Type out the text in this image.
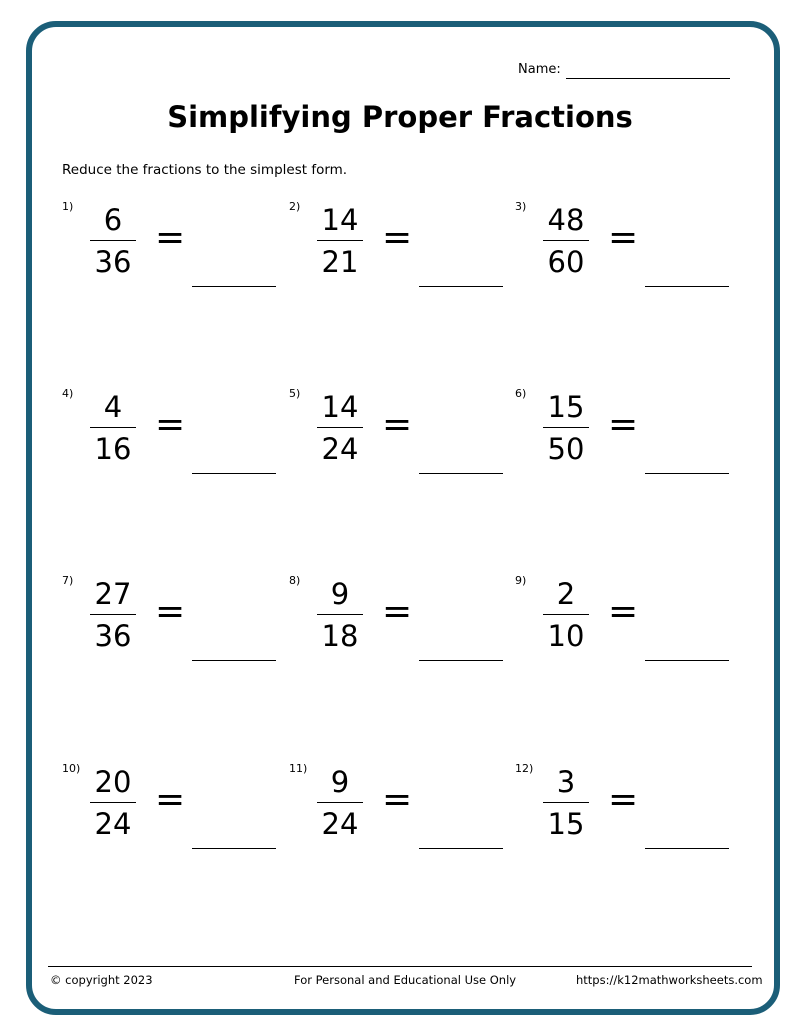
Name:
Simplifying Proper Fractions
Reduce the fractions to the simplest form.
1)	6
36
=
2) 14
21
=
3) 48
60
=
4)	4
16
=
5) 14
24
=
6) 15
50
=
7) 27
36
=
8)	9
18
=
9)	2
10
=
10) 20
24
=
11) 9
24
=
12) 3
15
=
© copyright 2023	For Personal and Educational Use Only	https://k12mathworksheets.com
